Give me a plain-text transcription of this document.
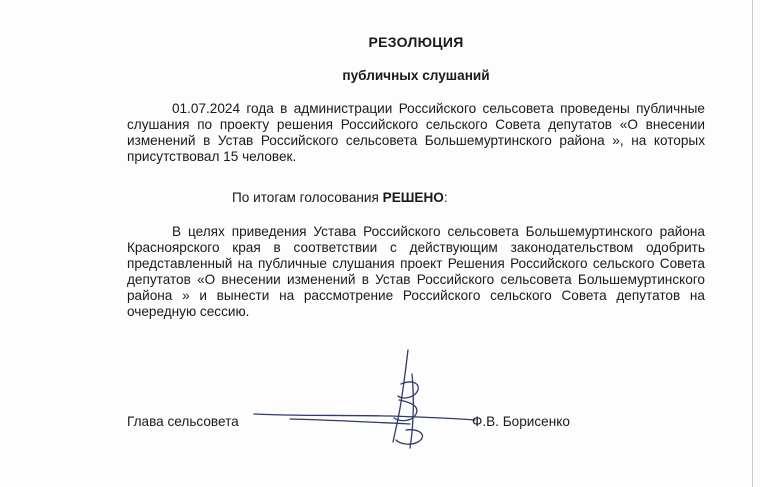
РЕЗОЛЮЦИЯ
публичных слушаний

01.07.2024 года в администрации Российского сельсовета проведены публичные слушания по проекту решения Российского сельского Совета депутатов «О внесении изменений в Устав Российского сельсовета Большемуртинского района », на которых присутствовал 15 человек.

По итогам голосования РЕШЕНО:

В целях приведения Устава Российского сельсовета Большемуртинского района Красноярского края в соответствии с действующим законодательством одобрить представленный на публичные слушания проект Решения Российского сельского Совета депутатов «О внесении изменений в Устав Российского сельсовета Большемуртинского района » и вынести на рассмотрение Российского сельского Совета депутатов на очередную сессию.

Глава сельсовета	Ф.В. Борисенко
